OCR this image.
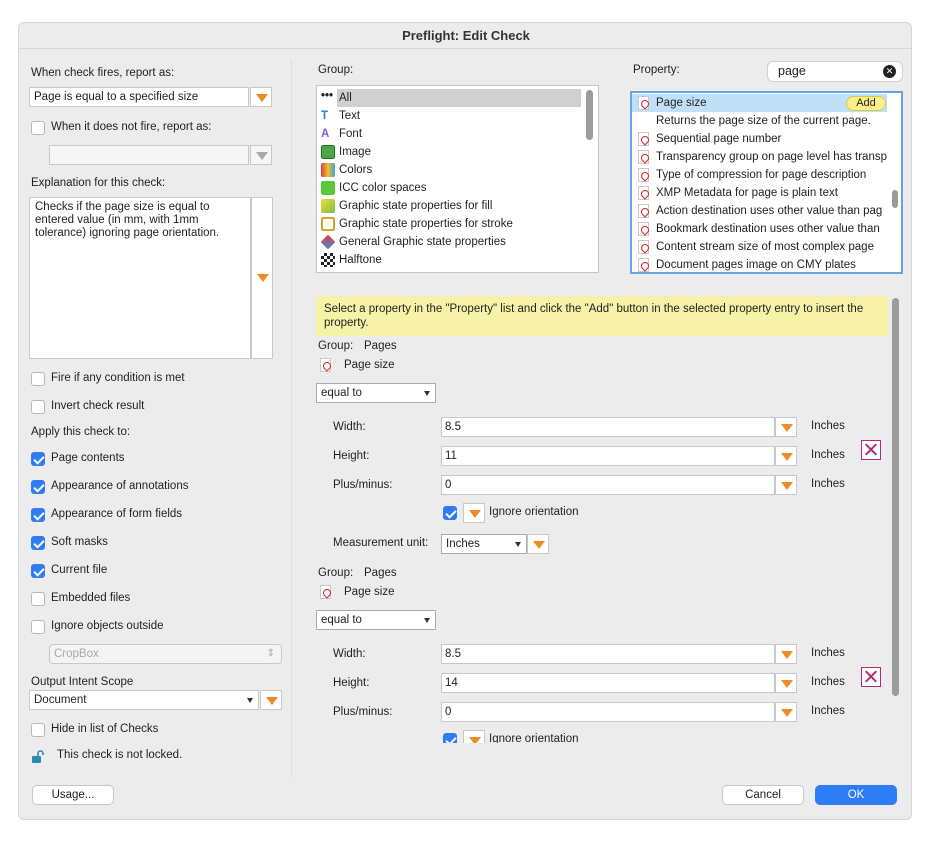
Preflight: Edit Check
When check fires, report as:
Page is equal to a specified size
When it does not fire, report as:
Explanation for this check:
Checks if the page size is equal to entered value (in mm, with 1mm tolerance) ignoring page orientation.
Fire if any condition is met
Invert check result
Apply this check to:
Page contents
Appearance of annotations
Appearance of form fields
Soft masks
Current file
Embedded files
Ignore objects outside
CropBox	⇕
Output Intent Scope
Document
Hide in list of Checks
This check is not locked.
Group:
••• All
T Text
A Font
Image
Colors
ICC color spaces
Graphic state properties for fill
Graphic state properties for stroke
General Graphic state properties
Halftone
Property:	page	✕
Page size	Add
Returns the page size of the current page.
Sequential page number
Transparency group on page level has transp
Type of compression for page description
XMP Metadata for page is plain text
Action destination uses other value than pag
Bookmark destination uses other value than
Content stream size of most complex page
Document pages image on CMY plates
Select a property in the "Property" list and click the "Add" button in the selected property entry to insert the property.
Group: Pages
Page size
equal to
Width:	8.5	Inches
Height:	11	Inches
Plus/minus:	0	Inches
Ignore orientation
Measurement unit:	Inches
Group: Pages
Page size
equal to
Width:	8.5	Inches
Height:	14	Inches
Plus/minus:	0	Inches
Ignore orientation
Usage...	Cancel	OK
